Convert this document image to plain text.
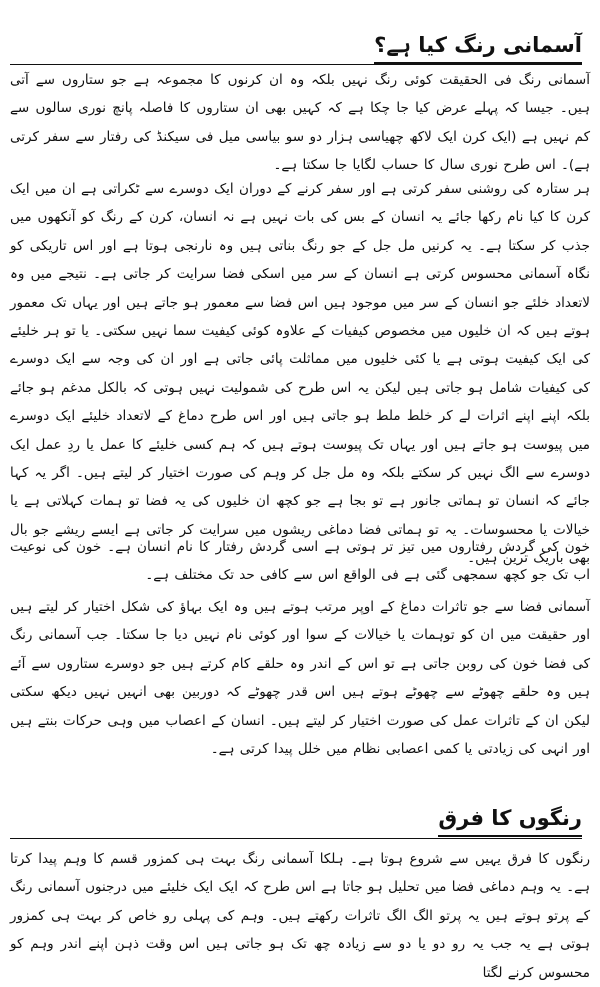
آسمانی رنگ کیا ہے؟

آسمانی رنگ فی الحقیقت کوئی رنگ نہیں بلکہ وہ ان کرنوں کا مجموعہ ہے جو ستاروں سے آتی ہیں۔ جیسا کہ پہلے عرض کیا جا چکا ہے کہ کہیں بھی ان ستاروں کا فاصلہ پانچ نوری سالوں سے کم نہیں ہے (ایک کرن ایک لاکھ چھیاسی ہزار دو سو بیاسی میل فی سیکنڈ کی رفتار سے سفر کرتی ہے)۔ اس طرح نوری سال کا حساب لگایا جا سکتا ہے۔

ہر ستارہ کی روشنی سفر کرتی ہے اور سفر کرنے کے دوران ایک دوسرے سے ٹکراتی ہے ان میں ایک کرن کا کیا نام رکھا جائے یہ انسان کے بس کی بات نہیں ہے نہ انسان، کرن کے رنگ کو آنکھوں میں جذب کر سکتا ہے۔ یہ کرنیں مل جل کے جو رنگ بناتی ہیں وہ نارنجی ہوتا ہے اور اس تاریکی کو نگاہ آسمانی محسوس کرتی ہے انسان کے سر میں اسکی فضا سرایت کر جاتی ہے۔ نتیجے میں وہ لاتعداد خلئے جو انسان کے سر میں موجود ہیں اس فضا سے معمور ہو جاتے ہیں اور یہاں تک معمور ہوتے ہیں کہ ان خلیوں میں مخصوص کیفیات کے علاوہ کوئی کیفیت سما نہیں سکتی۔ یا تو ہر خلیئے کی ایک کیفیت ہوتی ہے یا کئی خلیوں میں مماثلت پائی جاتی ہے اور ان کی وجہ سے ایک دوسرے کی کیفیات شامل ہو جاتی ہیں لیکن یہ اس طرح کی شمولیت نہیں ہوتی کہ بالکل مدغم ہو جائے بلکہ اپنے اپنے اثرات لے کر خلط ملط ہو جاتی ہیں اور اس طرح دماغ کے لاتعداد خلیئے ایک دوسرے میں پیوست ہو جاتے ہیں اور یہاں تک پیوست ہوتے ہیں کہ ہم کسی خلیئے کا عمل یا ردِ عمل ایک دوسرے سے الگ نہیں کر سکتے بلکہ وہ مل جل کر وہم کی صورت اختیار کر لیتے ہیں۔ اگر یہ کہا جائے کہ انسان تو ہماتی جانور ہے تو بجا ہے جو کچھ ان خلیوں کی یہ فضا تو ہمات کہلاتی ہے یا خیالات یا محسوسات۔ یہ تو ہماتی فضا دماغی ریشوں میں سرایت کر جاتی ہے ایسے ریشے جو بال بھی باریک ترین ہیں۔

خون کی گردش رفتاروں میں تیز تر ہوتی ہے اسی گردش رفتار کا نام انسان ہے۔ خون کی نوعیت اب تک جو کچھ سمجھی گئی ہے فی الواقع اس سے کافی حد تک مختلف ہے۔

آسمانی فضا سے جو تاثرات دماغ کے اوپر مرتب ہوتے ہیں وہ ایک بہاؤ کی شکل اختیار کر لیتے ہیں اور حقیقت میں ان کو توہمات یا خیالات کے سوا اور کوئی نام نہیں دیا جا سکتا۔ جب آسمانی رنگ کی فضا خون کی روبن جاتی ہے تو اس کے اندر وہ حلقے کام کرتے ہیں جو دوسرے ستاروں سے آئے ہیں وہ حلقے چھوٹے سے چھوٹے ہوتے ہیں اس قدر چھوٹے کہ دوربین بھی انہیں نہیں دیکھ سکتی لیکن ان کے تاثرات عمل کی صورت اختیار کر لیتے ہیں۔ انسان کے اعصاب میں وہی حرکات بنتے ہیں اور انہی کی زیادتی یا کمی اعصابی نظام میں خلل پیدا کرتی ہے۔

رنگوں کا فرق

رنگوں کا فرق یہیں سے شروع ہوتا ہے۔ ہلکا آسمانی رنگ بہت ہی کمزور قسم کا وہم پیدا کرتا ہے۔ یہ وہم دماغی فضا میں تحلیل ہو جاتا ہے اس طرح کہ ایک ایک خلیئے میں درجنوں آسمانی رنگ کے پرتو ہوتے ہیں یہ پرتو الگ الگ تاثرات رکھتے ہیں۔ وہم کی پہلی رو خاص کر بہت ہی کمزور ہوتی ہے یہ جب یہ رو دو یا دو سے زیادہ چھ تک ہو جاتی ہیں اس وقت ذہن اپنے اندر وہم کو محسوس کرنے لگتا
